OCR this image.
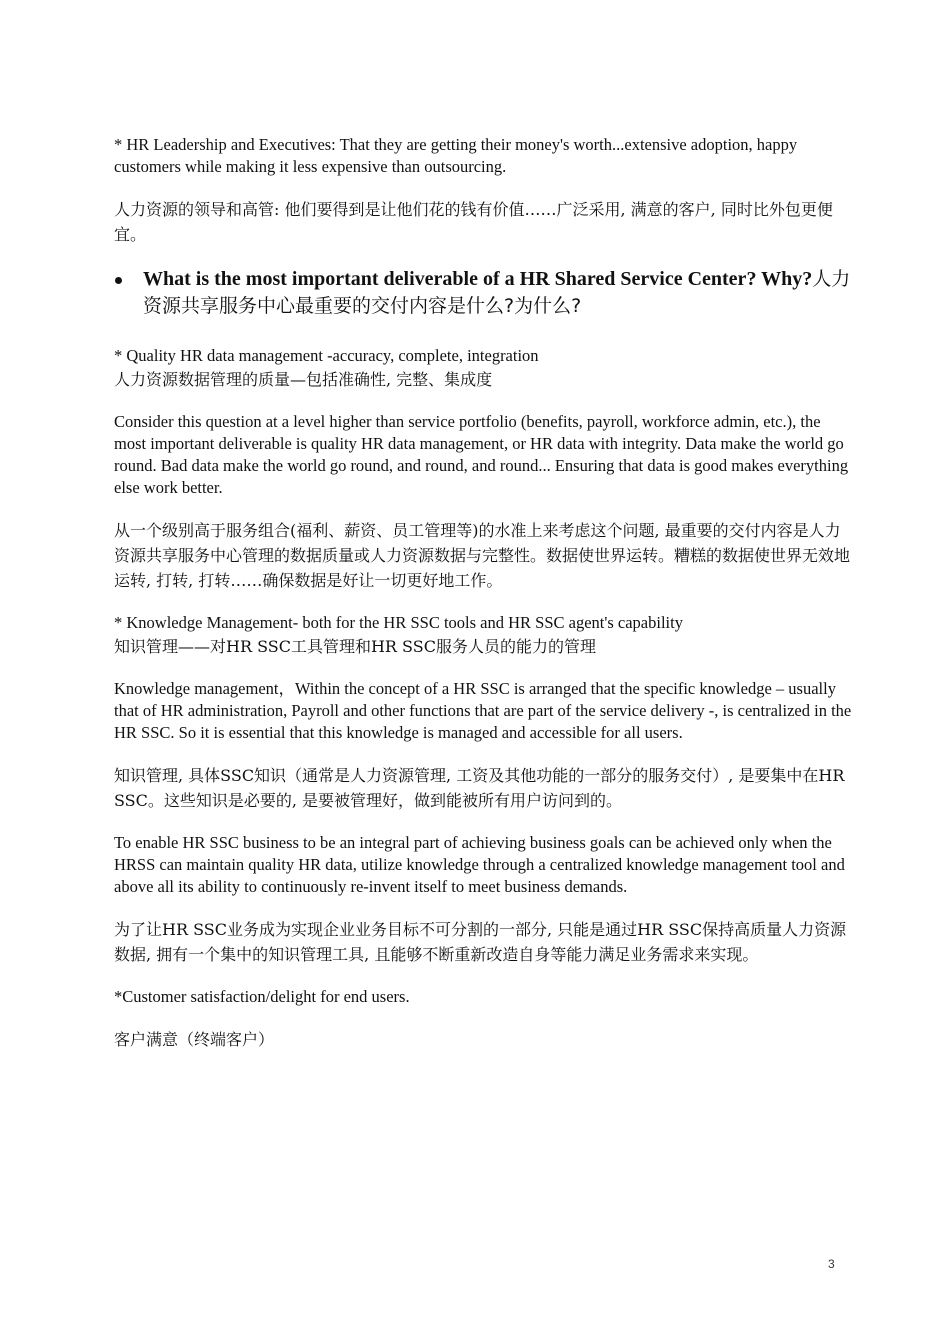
* HR Leadership and Executives: That they are getting their money's worth...extensive adoption, happy customers while making it less expensive than outsourcing.

人力资源的领导和高管: 他们要得到是让他们花的钱有价值……广泛采用, 满意的客户, 同时比外包更便宜。

What is the most important deliverable of a HR Shared Service Center? Why?人力资源共享服务中心最重要的交付内容是什么?为什么?

* Quality HR data management -accuracy, complete, integration

人力资源数据管理的质量—包括准确性, 完整、集成度

Consider this question at a level higher than service portfolio (benefits, payroll, workforce admin, etc.), the most important deliverable is quality HR data management, or HR data with integrity. Data make the world go round. Bad data make the world go round, and round, and round... Ensuring that data is good makes everything else work better.

从一个级别高于服务组合(福利、薪资、员工管理等)的水准上来考虑这个问题, 最重要的交付内容是人力资源共享服务中心管理的数据质量或人力资源数据与完整性。数据使世界运转。糟糕的数据使世界无效地运转, 打转, 打转……确保数据是好让一切更好地工作。

* Knowledge Management- both for the HR SSC tools and HR SSC agent's capability

知识管理——对HR SSC工具管理和HR SSC服务人员的能力的管理

Knowledge management，Within the concept of a HR SSC is arranged that the specific knowledge – usually that of HR administration, Payroll and other functions that are part of the service delivery -, is centralized in the HR SSC. So it is essential that this knowledge is managed and accessible for all users.

知识管理, 具体SSC知识（通常是人力资源管理, 工资及其他功能的一部分的服务交付）, 是要集中在HR SSC。这些知识是必要的, 是要被管理好，做到能被所有用户访问到的。

To enable HR SSC business to be an integral part of achieving business goals can be achieved only when the HRSS can maintain quality HR data, utilize knowledge through a centralized knowledge management tool and above all its ability to continuously re-invent itself to meet business demands.

为了让HR SSC业务成为实现企业业务目标不可分割的一部分, 只能是通过HR SSC保持高质量人力资源数据, 拥有一个集中的知识管理工具, 且能够不断重新改造自身等能力满足业务需求来实现。

*Customer satisfaction/delight for end users.

客户满意（终端客户）

3
